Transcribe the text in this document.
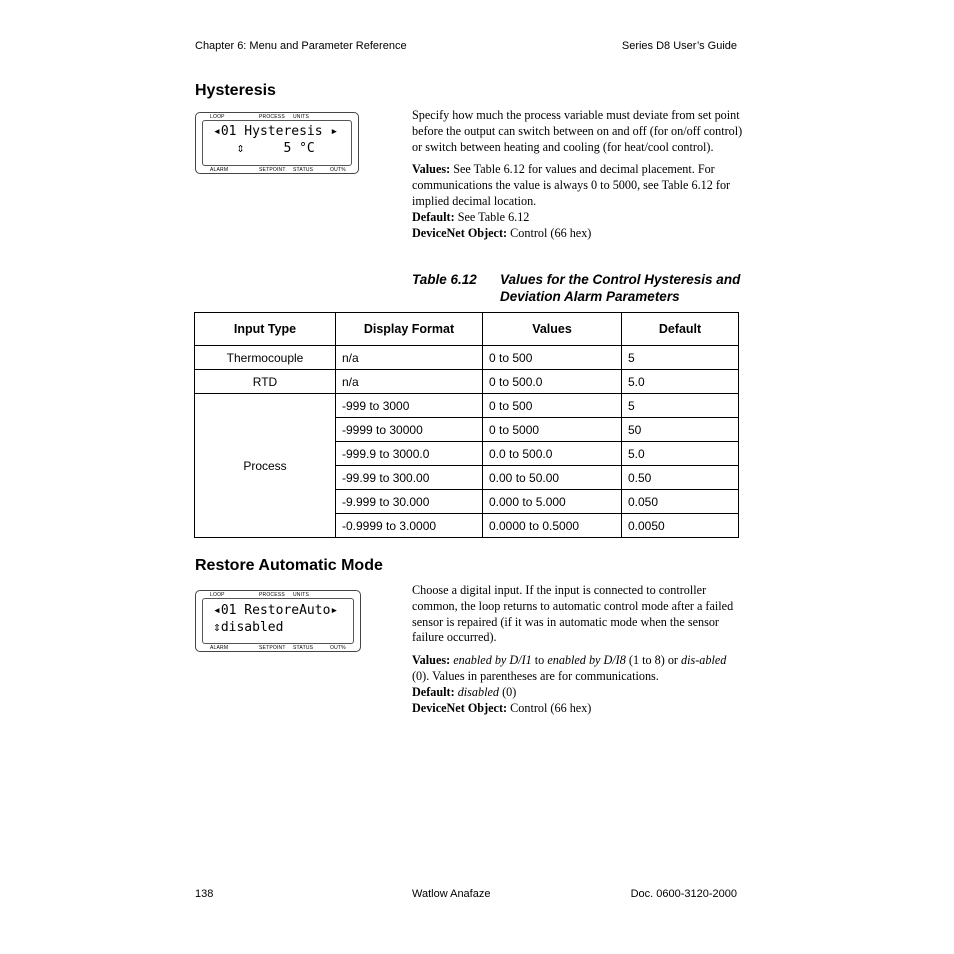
Chapter 6: Menu and Parameter Reference	Series D8 User’s Guide
Hysteresis
LOOP	PROCESS UNITS
◂01 Hysteresis ▸
⇕     5 °C
ALARM	SETPOINT STATUS	OUT%

Specify how much the process variable must deviate from set point before the output can switch between on and off (for on/off control) or switch between heating and cooling (for heat/cool control).

Values: See Table 6.12 for values and decimal placement. For communications the value is always 0 to 5000, see Table 6.12 for implied decimal location.

Default: See Table 6.12

DeviceNet Object: Control (66 hex)

Table 6.12 Values for the Control Hysteresis and Deviation Alarm Parameters
Input Type	Display Format	Values	Default
Thermocouple	n/a	0 to 500	5
RTD	n/a	0 to 500.0	5.0
Process	-999 to 3000	0 to 500	5
	-9999 to 30000	0 to 5000	50
	-999.9 to 3000.0	0.0 to 500.0	5.0
	-99.99 to 300.00	0.00 to 50.00	0.50
	-9.999 to 30.000	0.000 to 5.000	0.050
	-0.9999 to 3.0000	0.0000 to 0.5000	0.0050
Restore Automatic Mode
LOOP	PROCESS UNITS
◂01 RestoreAuto▸
⇕disabled
ALARM	SETPOINT STATUS	OUT%

Choose a digital input. If the input is connected to controller common, the loop returns to automatic control mode after a failed sensor is repaired (if it was in automatic mode when the sensor failure occurred).

Values: enabled by D/I1 to enabled by D/I8 (1 to 8) or dis-abled (0). Values in parentheses are for communications.

Default: disabled (0)

DeviceNet Object: Control (66 hex)

138	Watlow Anafaze	Doc. 0600-3120-2000
